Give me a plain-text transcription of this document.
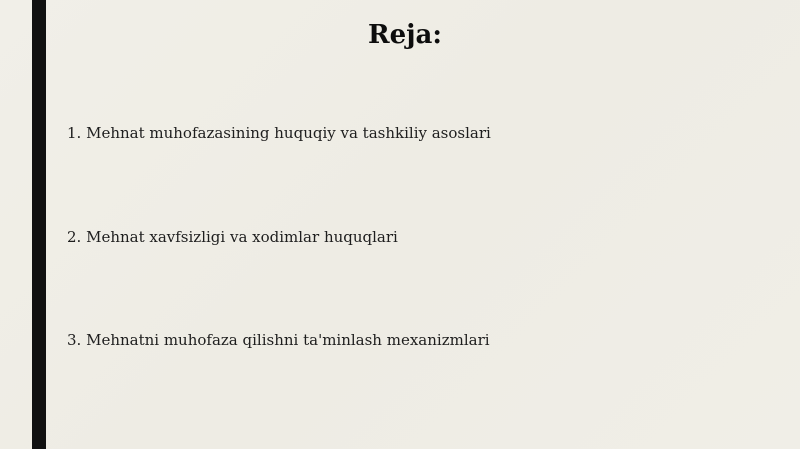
Reja:
1. Mehnat muhofazasining huquqiy va tashkiliy asoslari
2. Mehnat xavfsizligi va xodimlar huquqlari
3. Mehnatni muhofaza qilishni ta'minlash mexanizmlari
